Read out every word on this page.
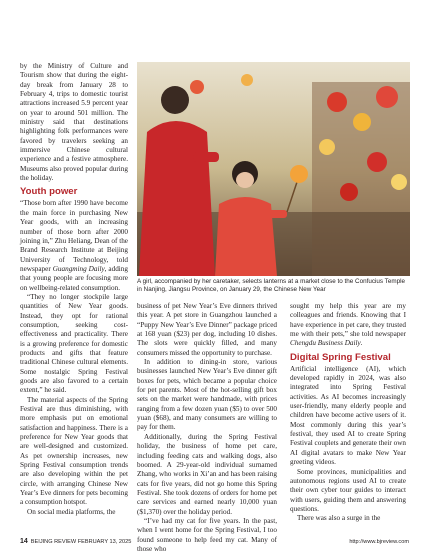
by the Ministry of Culture and Tourism show that during the eight-day break from January 28 to February 4, trips to domestic tourist attractions increased 5.9 percent year on year to around 501 million. The ministry said that destinations highlighting folk performances were favored by travelers seeking an immersive Chinese cultural experience and a festive atmosphere. Museums also proved popular during the holiday.

Youth power

“Those born after 1990 have become the main force in purchasing New Year goods, with an increasing number of those born after 2000 joining in,” Zhu Heliang, Dean of the Brand Research Institute at Beijing University of Technology, told newspaper Guangming Daily, adding that young people are focusing more on wellbeing-related consumption.

“They no longer stockpile large quantities of New Year goods. Instead, they opt for rational consumption, seeking cost-effectiveness and practicality. There is a growing preference for domestic products and gifts that feature traditional Chinese cultural elements. Some nostalgic Spring Festival goods are also favored to a certain extent,” he said.

The material aspects of the Spring Festival are thus diminishing, with more emphasis put on emotional satisfaction and happiness. There is a preference for New Year goods that are well-designed and customized. As pet ownership increases, new Spring Festival consumption trends are also developing within the pet circle, with arranging Chinese New Year’s Eve dinners for pets becoming a consumption hotspot.

On social media platforms, the

A girl, accompanied by her caretaker, selects lanterns at a market close to the Confucius Temple in Nanjing, Jiangsu Province, on January 29, the Chinese New Year

business of pet New Year’s Eve dinners thrived this year. A pet store in Guangzhou launched a “Puppy New Year’s Eve Dinner” package priced at 168 yuan ($23) per dog, including 10 dishes. The slots were quickly filled, and many consumers missed the opportunity to purchase.

In addition to dining-in store, various businesses launched New Year’s Eve dinner gift boxes for pets, which became a popular choice for pet parents. Most of the hot-selling gift box sets on the market were handmade, with prices ranging from a few dozen yuan ($5) to over 500 yuan ($68), and many consumers are willing to pay for them.

Additionally, during the Spring Festival holiday, the business of home pet care, including feeding cats and walking dogs, also boomed. A 29-year-old individual surnamed Zhang, who works in Xi’an and has been raising cats for five years, did not go home this Spring Festival. She took dozens of orders for home pet care services and earned nearly 10,000 yuan ($1,370) over the holiday period.

“I’ve had my cat for five years. In the past, when I went home for the Spring Festival, I too found someone to help feed my cat. Many of those who

sought my help this year are my colleagues and friends. Knowing that I have experience in pet care, they trusted me with their pets,” she told newspaper Chengdu Business Daily.

Digital Spring Festival

Artificial intelligence (AI), which developed rapidly in 2024, was also integrated into Spring Festival activities. As AI becomes increasingly user-friendly, many elderly people and children have become active users of it. Most commonly during this year’s festival, they used AI to create Spring Festival couplets and generate their own AI digital avatars to make New Year greeting videos.

Some provinces, municipalities and autonomous regions used AI to create their own cyber tour guides to interact with users, guiding them and answering questions.

There was also a surge in the

14 BEIJING REVIEW FEBRUARY 13, 2025	http://www.bjreview.com
